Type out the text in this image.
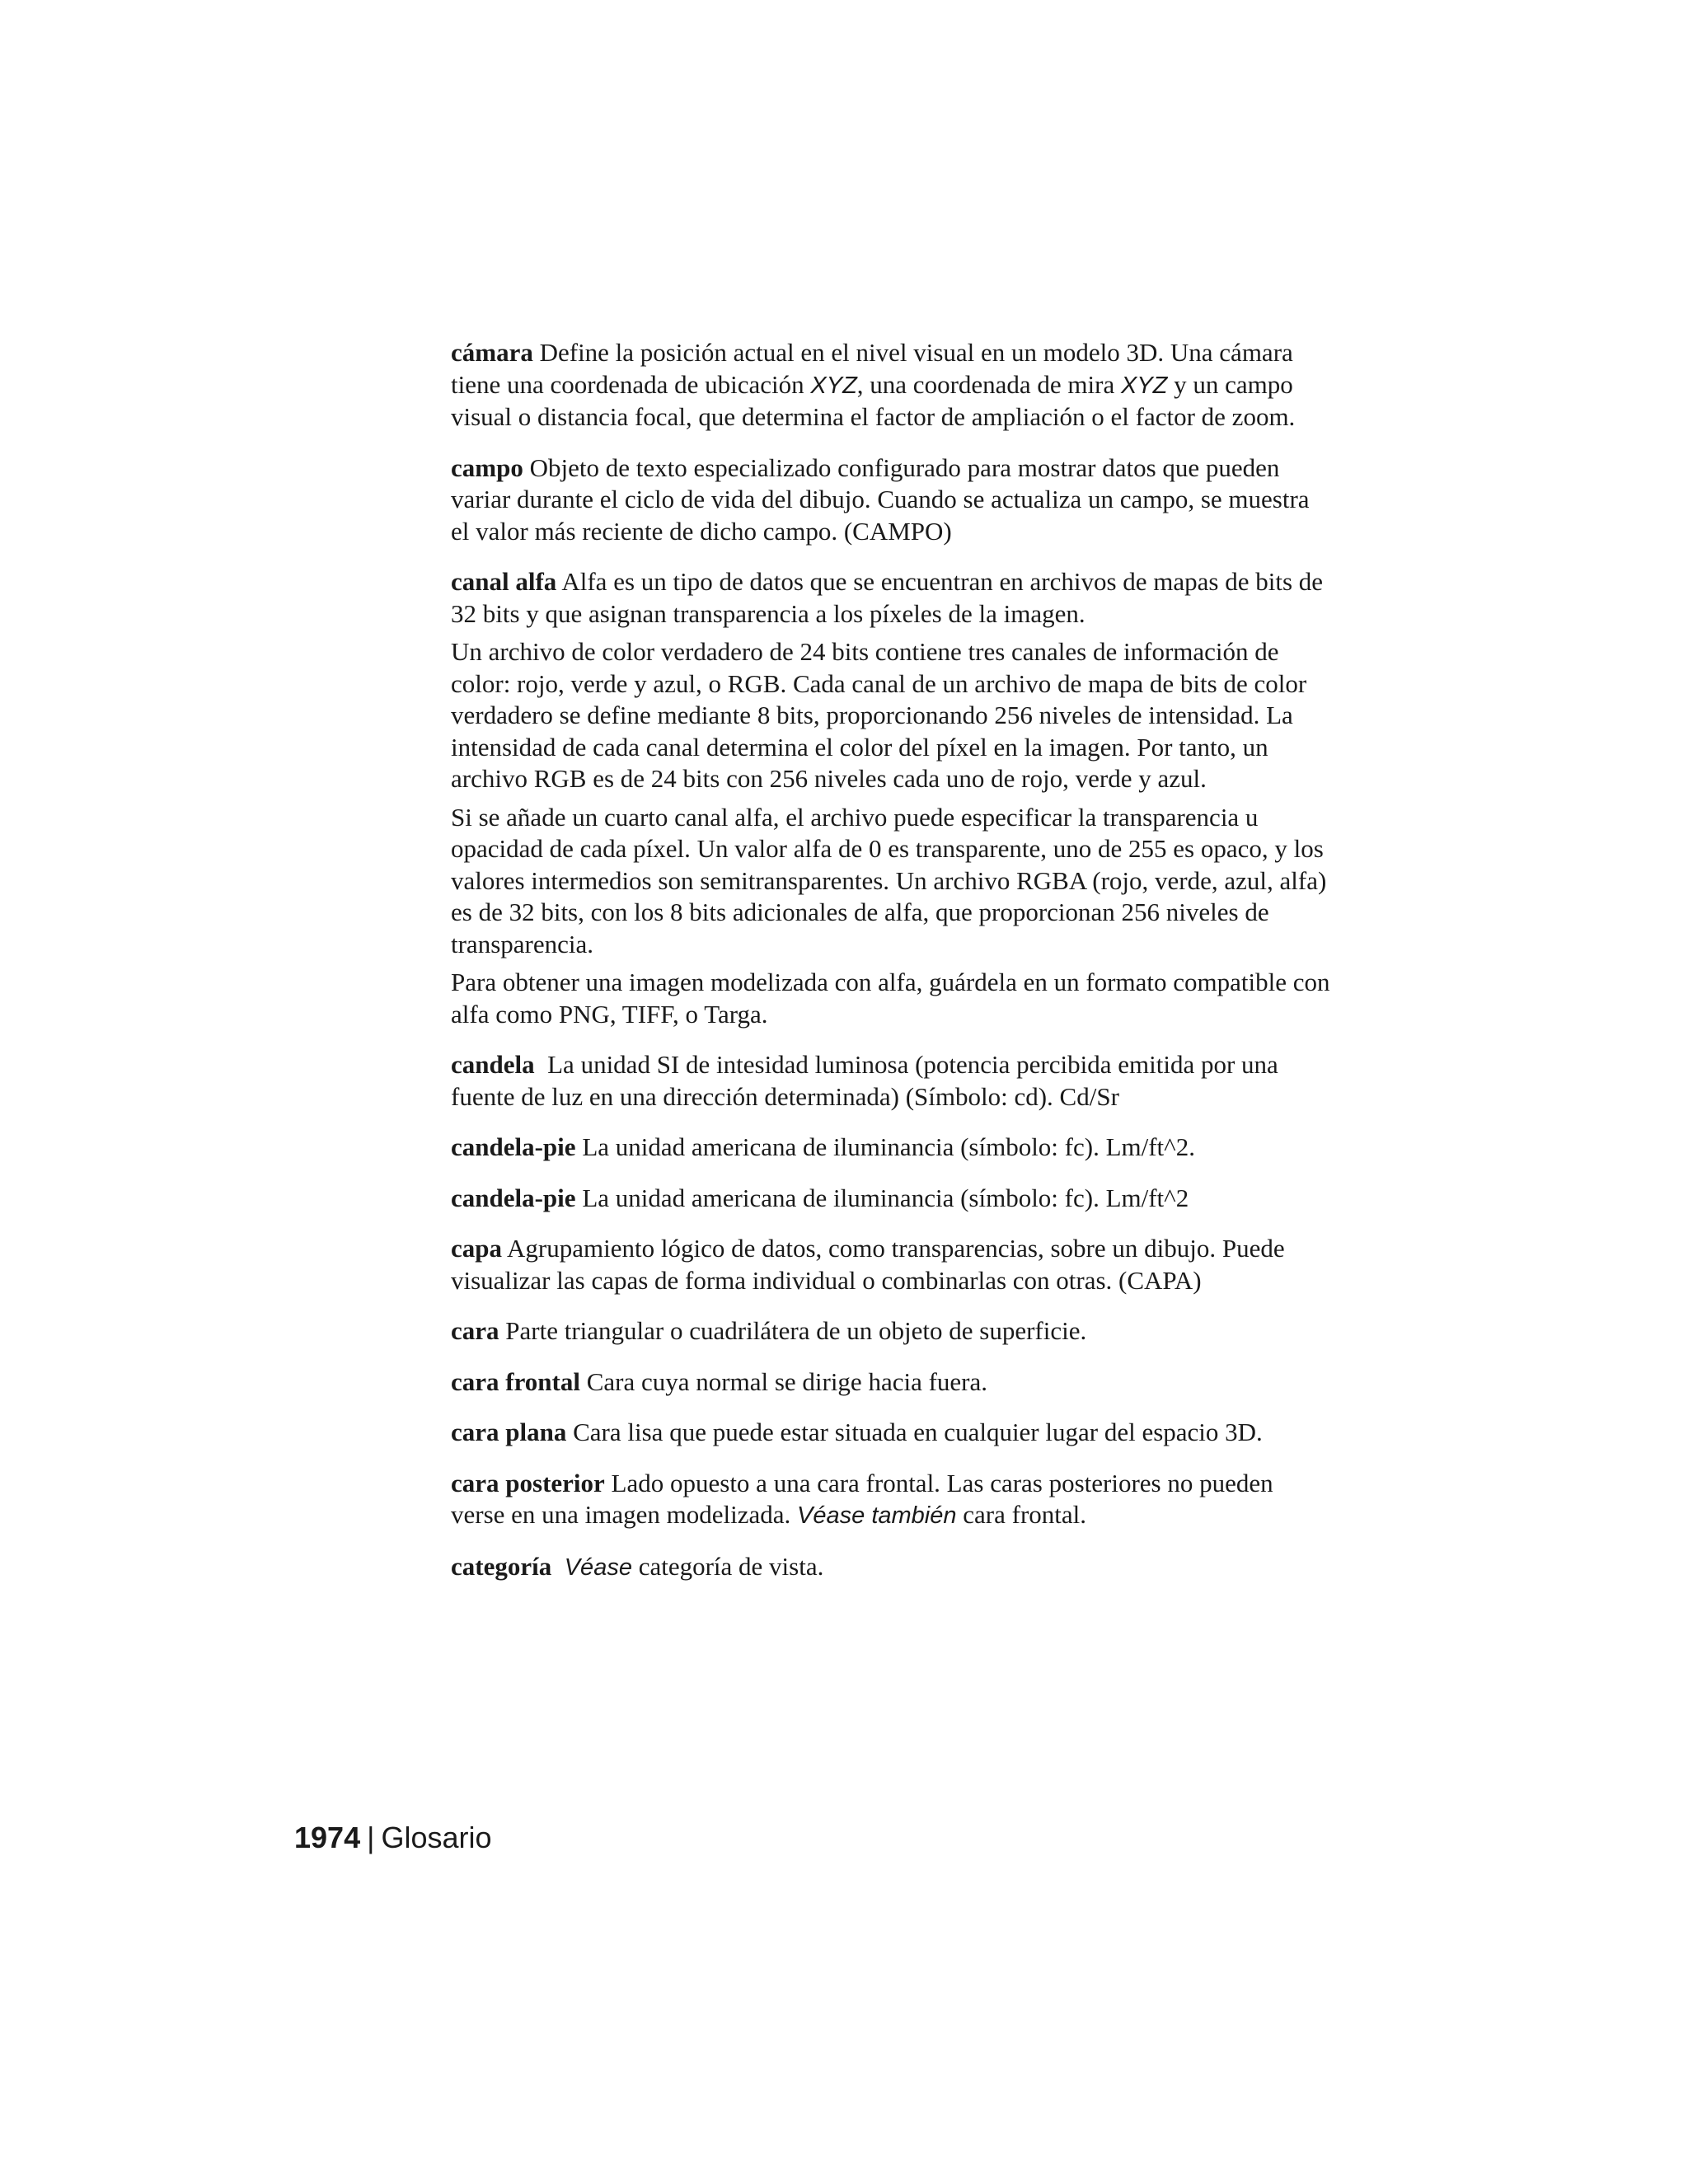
cámara Define la posición actual en el nivel visual en un modelo 3D. Una cámara tiene una coordenada de ubicación XYZ, una coordenada de mira XYZ y un campo visual o distancia focal, que determina el factor de ampliación o el factor de zoom.

campo Objeto de texto especializado configurado para mostrar datos que pueden variar durante el ciclo de vida del dibujo. Cuando se actualiza un campo, se muestra el valor más reciente de dicho campo. (CAMPO)

canal alfa Alfa es un tipo de datos que se encuentran en archivos de mapas de bits de 32 bits y que asignan transparencia a los píxeles de la imagen.

Un archivo de color verdadero de 24 bits contiene tres canales de información de color: rojo, verde y azul, o RGB. Cada canal de un archivo de mapa de bits de color verdadero se define mediante 8 bits, proporcionando 256 niveles de intensidad. La intensidad de cada canal determina el color del píxel en la imagen. Por tanto, un archivo RGB es de 24 bits con 256 niveles cada uno de rojo, verde y azul.

Si se añade un cuarto canal alfa, el archivo puede especificar la transparencia u opacidad de cada píxel. Un valor alfa de 0 es transparente, uno de 255 es opaco, y los valores intermedios son semitransparentes. Un archivo RGBA (rojo, verde, azul, alfa) es de 32 bits, con los 8 bits adicionales de alfa, que proporcionan 256 niveles de transparencia.

Para obtener una imagen modelizada con alfa, guárdela en un formato compatible con alfa como PNG, TIFF, o Targa.

candela La unidad SI de intesidad luminosa (potencia percibida emitida por una fuente de luz en una dirección determinada) (Símbolo: cd). Cd/Sr

candela-pie La unidad americana de iluminancia (símbolo: fc). Lm/ft^2.

candela-pie La unidad americana de iluminancia (símbolo: fc). Lm/ft^2

capa Agrupamiento lógico de datos, como transparencias, sobre un dibujo. Puede visualizar las capas de forma individual o combinarlas con otras. (CAPA)

cara Parte triangular o cuadrilátera de un objeto de superficie.

cara frontal Cara cuya normal se dirige hacia fuera.

cara plana Cara lisa que puede estar situada en cualquier lugar del espacio 3D.

cara posterior Lado opuesto a una cara frontal. Las caras posteriores no pueden verse en una imagen modelizada. Véase también cara frontal.

categoría Véase categoría de vista.

1974 | Glosario
